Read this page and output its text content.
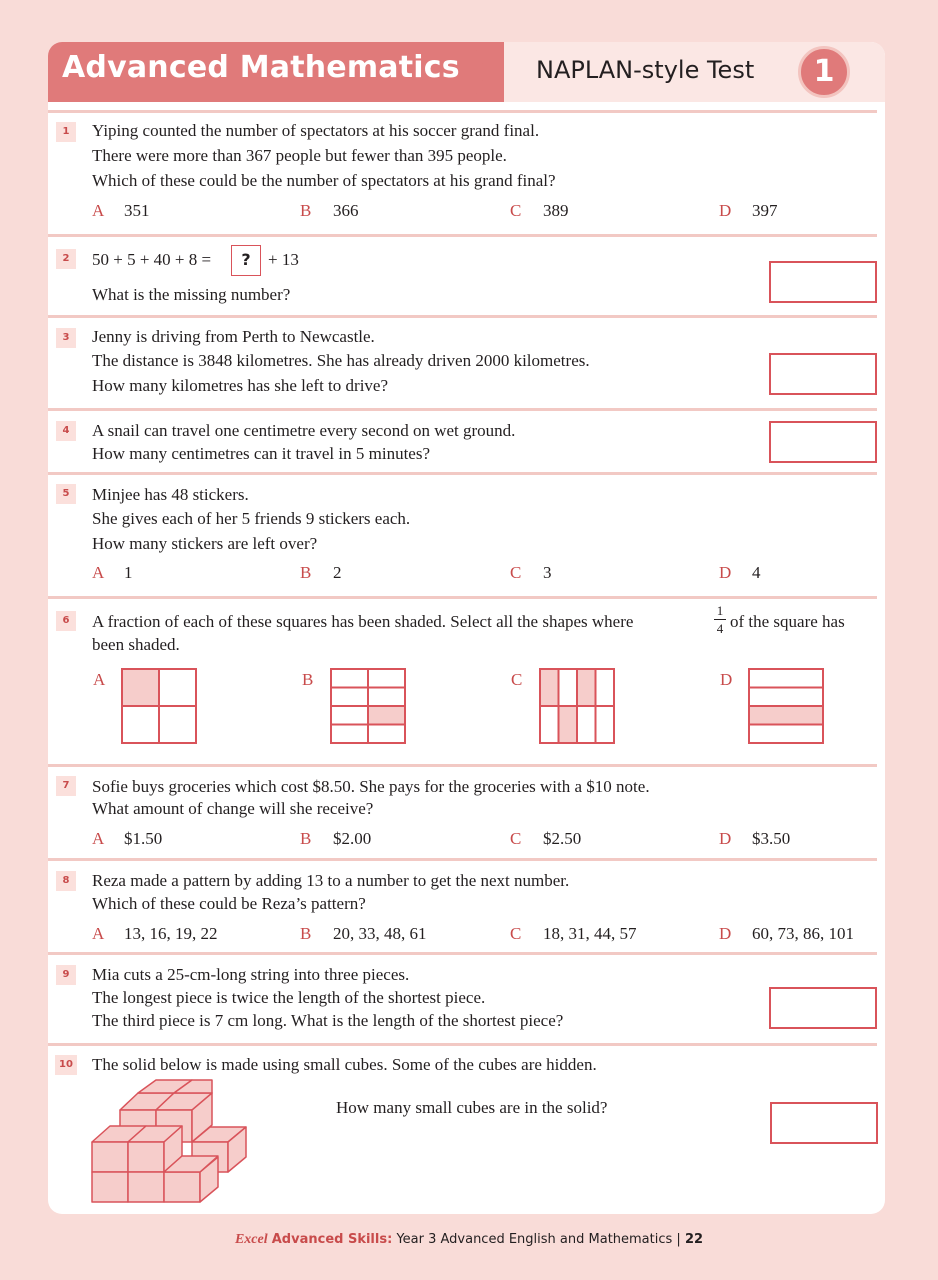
Advanced Mathematics	NAPLAN-style Test	1
1	Yiping counted the number of spectators at his soccer grand final.
There were more than 367 people but fewer than 395 people.
Which of these could be the number of spectators at his grand final?
A 351	B 366	C 389	D 397
2	50 + 5 + 40 + 8 =	?	+ 13
What is the missing number?
3	Jenny is driving from Perth to Newcastle.
The distance is 3848 kilometres. She has already driven 2000 kilometres.
How many kilometres has she left to drive?
4	A snail can travel one centimetre every second on wet ground.
How many centimetres can it travel in 5 minutes?
5	Minjee has 48 stickers.
She gives each of her 5 friends 9 stickers each.
How many stickers are left over?
A 1	B 2	C 3	D 4
6	A fraction of each of these squares has been shaded. Select all the shapes where
1
4 of the square has
been shaded.
A	B	C	D
7	Sofie buys groceries which cost $8.50. She pays for the groceries with a $10 note.
What amount of change will she receive?
A $1.50	B $2.00	C $2.50	D $3.50
8	Reza made a pattern by adding 13 to a number to get the next number.
Which of these could be Reza’s pattern?
A 13, 16, 19, 22	B 20, 33, 48, 61	C 18, 31, 44, 57	D 60, 73, 86, 101
9	Mia cuts a 25-cm-long string into three pieces.
The longest piece is twice the length of the shortest piece.
The third piece is 7 cm long. What is the length of the shortest piece?
10 The solid below is made using small cubes. Some of the cubes are hidden.
How many small cubes are in the solid?
Excel Advanced Skills: Year 3 Advanced English and Mathematics | 22
